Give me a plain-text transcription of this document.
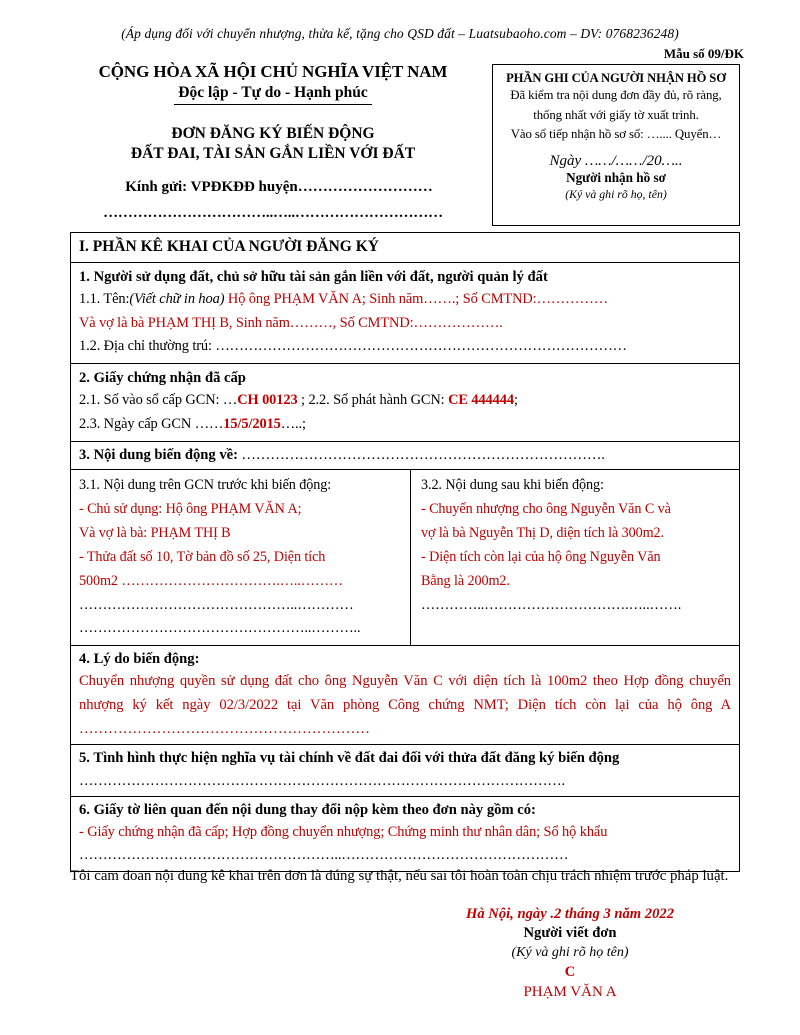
(Áp dụng đối với chuyển nhượng, thừa kế, tặng cho QSD đất – Luatsubaoho.com – DV: 0768236248)
Mẫu số 09/ĐK
CỘNG HÒA XÃ HỘI CHỦ NGHĨA VIỆT NAM
Độc lập - Tự do - Hạnh phúc
ĐƠN ĐĂNG KÝ BIẾN ĐỘNG
ĐẤT ĐAI, TÀI SẢN GẮN LIỀN VỚI ĐẤT
Kính gửi: VPĐKĐĐ huyện………………………
……………………………..…..…………………………
PHẦN GHI CỦA NGƯỜI NHẬN HỒ SƠ
Đã kiểm tra nội dung đơn đầy đủ, rõ ràng,
thống nhất với giấy tờ xuất trình.
Vào sổ tiếp nhận hồ sơ số: ….... Quyển…
Ngày ……/……/20…..
Người nhận hồ sơ
(Ký và ghi rõ họ, tên)
I. PHẦN KÊ KHAI CỦA NGƯỜI ĐĂNG KÝ
1. Người sử dụng đất, chủ sở hữu tài sản gắn liền với đất, người quản lý đất
1.1. Tên:(Viết chữ in hoa) Hộ ông PHẠM VĂN A; Sinh năm…….; Số CMTND:……………
Và vợ là bà PHẠM THỊ B, Sinh năm………, Số CMTND:……………….
1.2. Địa chỉ thường trú: ……………………………………………………………………………
2. Giấy chứng nhận đã cấp
2.1. Số vào sổ cấp GCN: …CH 00123 ; 2.2. Số phát hành GCN: CE 444444;
2.3. Ngày cấp GCN ……15/5/2015…..;
3. Nội dung biến động về: ………………………………………………………………….
3.1. Nội dung trên GCN trước khi biến động:
- Chủ sử dụng: Hộ ông PHẠM VĂN A;
Và vợ là bà: PHẠM THỊ B
- Thửa đất số 10, Tờ bản đồ số 25, Diện tích
500m2 …………………………….…..………
………………………………………..…………
…………………………………………..………..
3.2. Nội dung sau khi biến động:
- Chuyển nhượng cho ông Nguyễn Văn C và
vợ là bà Nguyễn Thị D, diện tích là 300m2.
- Diện tích còn lại của hộ ông Nguyễn Văn
Bằng là 200m2.
…………..………………………….…..…….
4. Lý do biến động:
Chuyển nhượng quyền sử dụng đất cho ông Nguyễn Văn C với diện tích là 100m2 theo Hợp đồng chuyển nhượng ký kết ngày 02/3/2022 tại Văn phòng Công chứng NMT; Diện tích còn lại của hộ ông A ……………………………………………………
5. Tình hình thực hiện nghĩa vụ tài chính về đất đai đối với thửa đất đăng ký biến động
………………………………………………………………………………………….
6. Giấy tờ liên quan đến nội dung thay đổi nộp kèm theo đơn này gồm có:
- Giấy chứng nhận đã cấp; Hợp đồng chuyển nhượng; Chứng minh thư nhân dân; Sổ hộ khẩu
………………………………………………..…………………………………………
Tôi cam đoan nội dung kê khai trên đơn là đúng sự thật, nếu sai tôi hoàn toàn chịu trách nhiệm trước pháp luật.
Hà Nội, ngày .2 tháng 3 năm 2022
Người viết đơn
(Ký và ghi rõ họ tên)
C
PHẠM VĂN A
